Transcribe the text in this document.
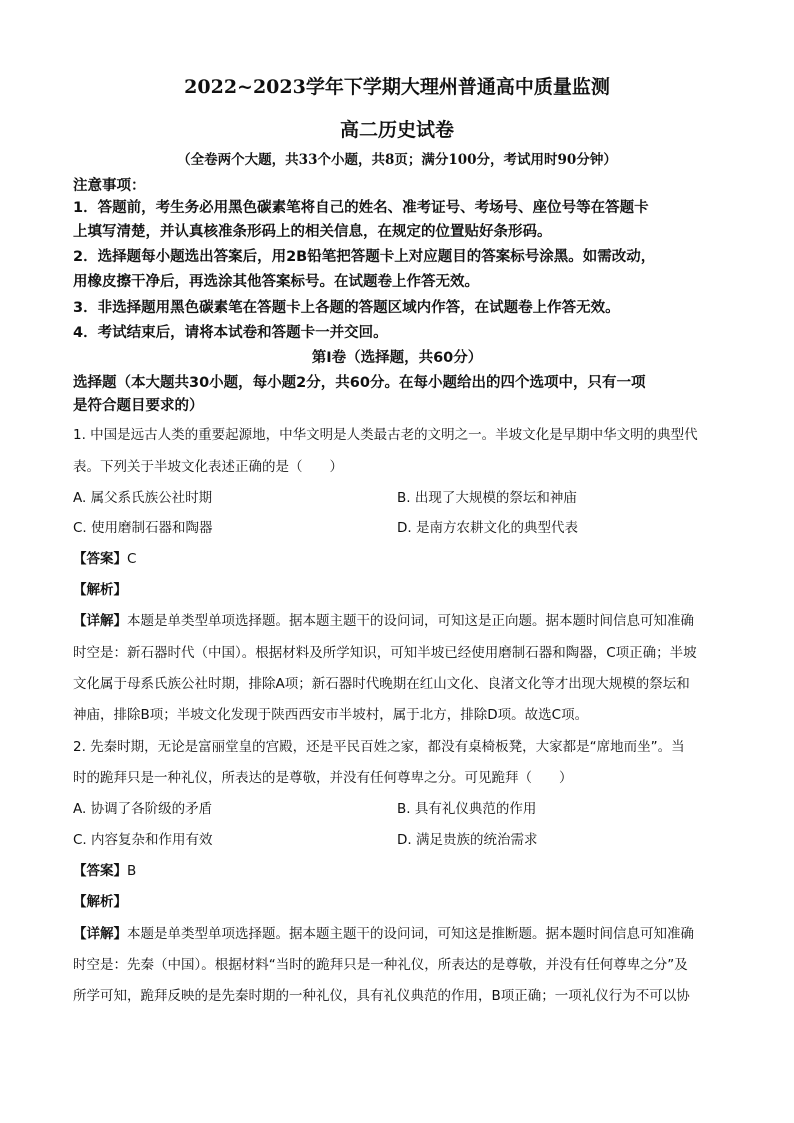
2022~2023学年下学期大理州普通高中质量监测
高二历史试卷
（全卷两个大题，共33个小题，共8页；满分100分，考试用时90分钟）
注意事项：
1．答题前，考生务必用黑色碳素笔将自己的姓名、准考证号、考场号、座位号等在答题卡
上填写清楚，并认真核准条形码上的相关信息，在规定的位置贴好条形码。
2．选择题每小题选出答案后，用2B铅笔把答题卡上对应题目的答案标号涂黑。如需改动，
用橡皮擦干净后，再选涂其他答案标号。在试题卷上作答无效。
3．非选择题用黑色碳素笔在答题卡上各题的答题区域内作答，在试题卷上作答无效。
4．考试结束后，请将本试卷和答题卡一并交回。
第Ⅰ卷（选择题，共60分）
选择题（本大题共30小题，每小题2分，共60分。在每小题给出的四个选项中，只有一项
是符合题目要求的）
1. 中国是远古人类的重要起源地，中华文明是人类最古老的文明之一。半坡文化是早期中华文明的典型代
表。下列关于半坡文化表述正确的是（　　）
A. 属父系氏族公社时期	B. 出现了大规模的祭坛和神庙
C. 使用磨制石器和陶器	D. 是南方农耕文化的典型代表
【答案】C
【解析】
【详解】本题是单类型单项选择题。据本题主题干的设问词，可知这是正向题。据本题时间信息可知准确
时空是：新石器时代（中国）。根据材料及所学知识，可知半坡已经使用磨制石器和陶器，C项正确；半坡
文化属于母系氏族公社时期，排除A项；新石器时代晚期在红山文化、良渚文化等才出现大规模的祭坛和
神庙，排除B项；半坡文化发现于陕西西安市半坡村，属于北方，排除D项。故选C项。
2. 先秦时期，无论是富丽堂皇的宫殿，还是平民百姓之家，都没有桌椅板凳，大家都是“席地而坐”。当
时的跪拜只是一种礼仪，所表达的是尊敬，并没有任何尊卑之分。可见跪拜（　　）
A. 协调了各阶级的矛盾	B. 具有礼仪典范的作用
C. 内容复杂和作用有效	D. 满足贵族的统治需求
【答案】B
【解析】
【详解】本题是单类型单项选择题。据本题主题干的设问词，可知这是推断题。据本题时间信息可知准确
时空是：先秦（中国）。根据材料“当时的跪拜只是一种礼仪，所表达的是尊敬，并没有任何尊卑之分”及
所学可知，跪拜反映的是先秦时期的一种礼仪，具有礼仪典范的作用，B项正确；一项礼仪行为不可以协
